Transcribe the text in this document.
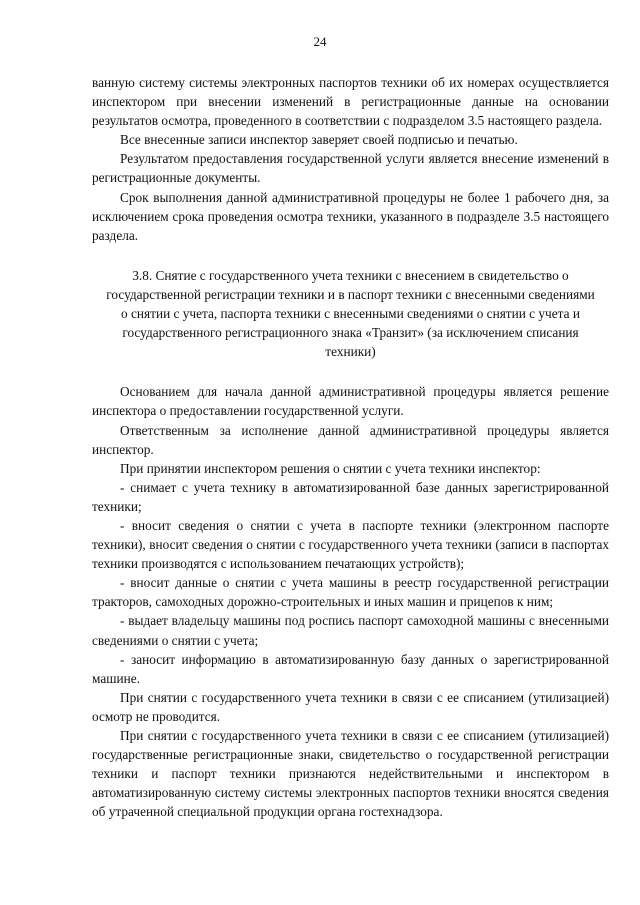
24

ванную систему системы электронных паспортов техники об их номерах осуществляется инспектором при внесении изменений в регистрационные данные на основании результатов осмотра, проведенного в соответствии с подразделом 3.5 настоящего раздела.

Все внесенные записи инспектор заверяет своей подписью и печатью.

Результатом предоставления государственной услуги является внесение изменений в регистрационные документы.

Срок выполнения данной административной процедуры не более 1 рабочего дня, за исключением срока проведения осмотра техники, указанного в подразделе 3.5 настоящего раздела.

3.8. Снятие с государственного учета техники с внесением в свидетельство о государственной регистрации техники и в паспорт техники с внесенными сведениями о снятии с учета, паспорта техники с внесенными сведениями о снятии с учета и государственного регистрационного знака «Транзит» (за исключением списания техники)

Основанием для начала данной административной процедуры является решение инспектора о предоставлении государственной услуги.

Ответственным за исполнение данной административной процедуры является инспектор.

При принятии инспектором решения о снятии с учета техники инспектор:

- снимает с учета технику в автоматизированной базе данных зарегистрированной техники;

- вносит сведения о снятии с учета в паспорте техники (электронном паспорте техники), вносит сведения о снятии с государственного учета техники (записи в паспортах техники производятся с использованием печатающих устройств);

- вносит данные о снятии с учета машины в реестр государственной регистрации тракторов, самоходных дорожно-строительных и иных машин и прицепов к ним;

- выдает владельцу машины под роспись паспорт самоходной машины с внесенными сведениями о снятии с учета;

- заносит информацию в автоматизированную базу данных о зарегистрированной машине.

При снятии с государственного учета техники в связи с ее списанием (утилизацией) осмотр не проводится.

При снятии с государственного учета техники в связи с ее списанием (утилизацией) государственные регистрационные знаки, свидетельство о государственной регистрации техники и паспорт техники признаются недействительными и инспектором в автоматизированную систему системы электронных паспортов техники вносятся сведения об утраченной специальной продукции органа гостехнадзора.
